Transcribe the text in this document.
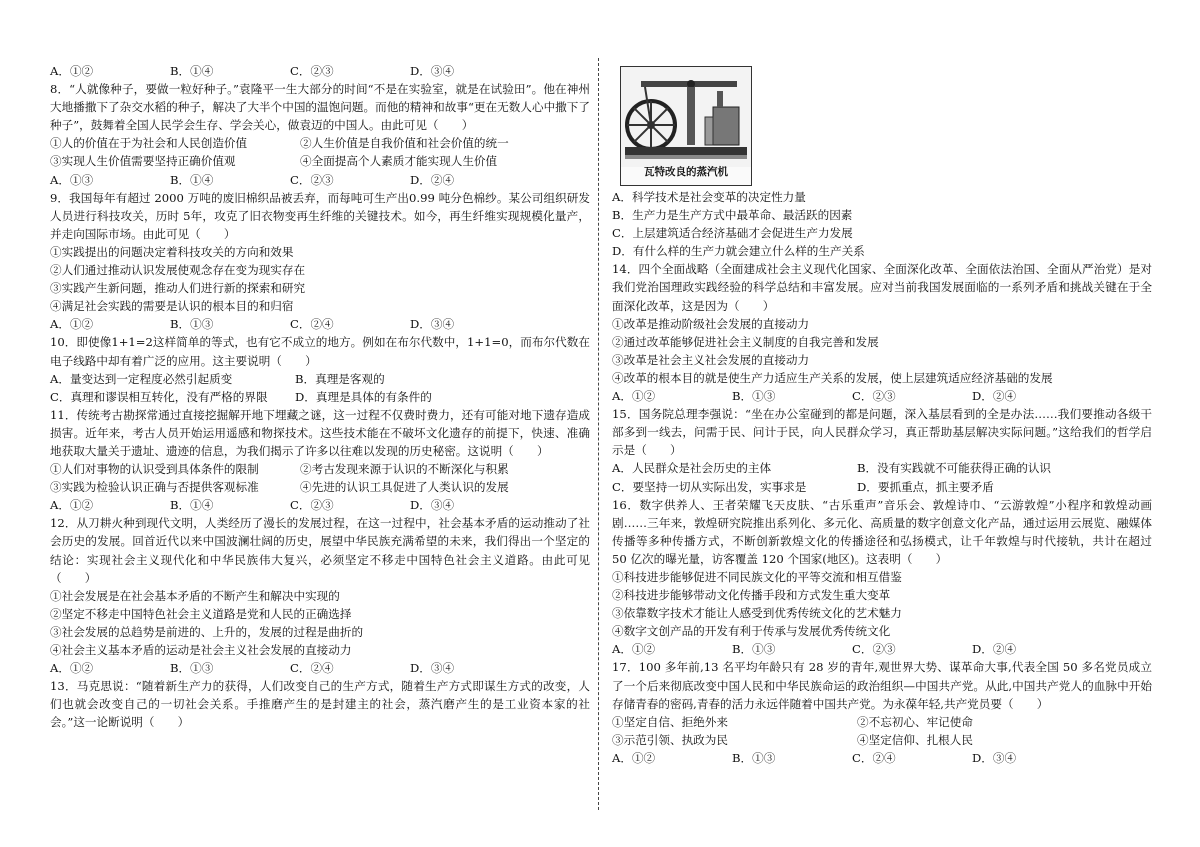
A．①②	B．①④	C．②③	D．③④
8．“人就像种子，要做一粒好种子。”袁隆平一生大部分的时间“不是在实验室，就是在试验田”。他在神州大地播撒下了杂交水稻的种子，解决了大半个中国的温饱问题。而他的精神和故事“更在无数人心中撒下了种子”，鼓舞着全国人民学会生存、学会关心，做袁迈的中国人。由此可见（　　）
①人的价值在于为社会和人民创造价值	②人生价值是自我价值和社会价值的统一
③实现人生价值需要坚持正确价值观	④全面提高个人素质才能实现人生价值
A．①③	B．①④	C．②③	D．②④
9．我国每年有超过 2000 万吨的废旧棉织品被丢弃，而每吨可生产出0.99 吨分色棉纱。某公司组织研发人员进行科技攻关，历时 5年，攻克了旧衣物变再生纤维的关键技术。如今，再生纤维实现规模化量产，并走向国际市场。由此可见（　　）
①实践提出的问题决定着科技攻关的方向和效果
②人们通过推动认识发展使观念存在变为现实存在
③实践产生新问题，推动人们进行新的探索和研究
④满足社会实践的需要是认识的根本目的和归宿
A．①②	B．①③	C．②④	D．③④
10．即使像1+1=2这样简单的等式，也有它不成立的地方。例如在布尔代数中，1+1=0，而布尔代数在电子线路中却有着广泛的应用。这主要说明（　　）
A．量变达到一定程度必然引起质变	B．真理是客观的
C．真理和谬误相互转化，没有严格的界限	D．真理是具体的有条件的
11．传统考古勘探常通过直接挖掘解开地下埋藏之谜，这一过程不仅费时费力，还有可能对地下遗存造成损害。近年来，考古人员开始运用遥感和物探技术。这些技术能在不破坏文化遗存的前提下，快速、准确地获取大量关于遗址、遗迹的信息，为我们揭示了许多以往难以发现的历史秘密。这说明（　　）
①人们对事物的认识受到具体条件的限制	②考古发现来源于认识的不断深化与积累
③实践为检验认识正确与否提供客观标准	④先进的认识工具促进了人类认识的发展
A．①②	B．①④	C．②③	D．③④
12．从刀耕火种到现代文明，人类经历了漫长的发展过程，在这一过程中，社会基本矛盾的运动推动了社会历史的发展。回首近代以来中国波澜壮阔的历史，展望中华民族充满希望的未来，我们得出一个坚定的结论：实现社会主义现代化和中华民族伟大复兴，必须坚定不移走中国特色社会主义道路。由此可见（　　）
①社会发展是在社会基本矛盾的不断产生和解决中实现的
②坚定不移走中国特色社会主义道路是党和人民的正确选择
③社会发展的总趋势是前进的、上升的，发展的过程是曲折的
④社会主义基本矛盾的运动是社会主义社会发展的直接动力
A．①②	B．①③	C．②④	D．③④
13．马克思说：“随着新生产力的获得，人们改变自己的生产方式，随着生产方式即谋生方式的改变，人们也就会改变自己的一切社会关系。手推磨产生的是封建主的社会，蒸汽磨产生的是工业资本家的社会。”这一论断说明（　　）
瓦特改良的蒸汽机
A．科学技术是社会变革的决定性力量
B．生产力是生产方式中最革命、最活跃的因素
C．上层建筑适合经济基础才会促进生产力发展
D．有什么样的生产力就会建立什么样的生产关系
14．四个全面战略（全面建成社会主义现代化国家、全面深化改革、全面依法治国、全面从严治党）是对我们党治国理政实践经验的科学总结和丰富发展。应对当前我国发展面临的一系列矛盾和挑战关键在于全面深化改革，这是因为（　　）
①改革是推动阶级社会发展的直接动力
②通过改革能够促进社会主义制度的自我完善和发展
③改革是社会主义社会发展的直接动力
④改革的根本目的就是使生产力适应生产关系的发展，使上层建筑适应经济基础的发展
A．①②	B．①③	C．②③	D．②④
15．国务院总理李强说：“坐在办公室碰到的都是问题，深入基层看到的全是办法……我们要推动各级干部多到一线去，问需于民、问计于民，向人民群众学习，真正帮助基层解决实际问题。”这给我们的哲学启示是（　　）
A．人民群众是社会历史的主体	B．没有实践就不可能获得正确的认识
C．要坚持一切从实际出发，实事求是	D．要抓重点，抓主要矛盾
16．数字供养人、王者荣耀飞天皮肤、“古乐重声”音乐会、敦煌诗巾、“云游敦煌”小程序和敦煌动画剧……三年来，敦煌研究院推出系列化、多元化、高质量的数字创意文化产品，通过运用云展览、融媒体传播等多种传播方式，不断创新敦煌文化的传播途径和弘扬模式，让千年敦煌与时代接轨，共计在超过 50 亿次的曝光量，访客覆盖 120 个国家(地区)。这表明（　　）
①科技进步能够促进不同民族文化的平等交流和相互借鉴
②科技进步能够带动文化传播手段和方式发生重大变革
③依靠数字技术才能让人感受到优秀传统文化的艺术魅力
④数字文创产品的开发有利于传承与发展优秀传统文化
A．①②	B．①③	C．②③	D．②④
17．100 多年前,13 名平均年龄只有 28 岁的青年,观世界大势、谋革命大事,代表全国 50 多名党员成立了一个后来彻底改变中国人民和中华民族命运的政治组织—中国共产党。从此,中国共产党人的血脉中开始存储青春的密码,青春的活力永远伴随着中国共产党。为永葆年轻,共产党员要（　　）
①坚定自信、拒绝外来	②不忘初心、牢记使命
③示范引领、执政为民	④坚定信仰、扎根人民
A．①②	B．①③	C．②④	D．③④
